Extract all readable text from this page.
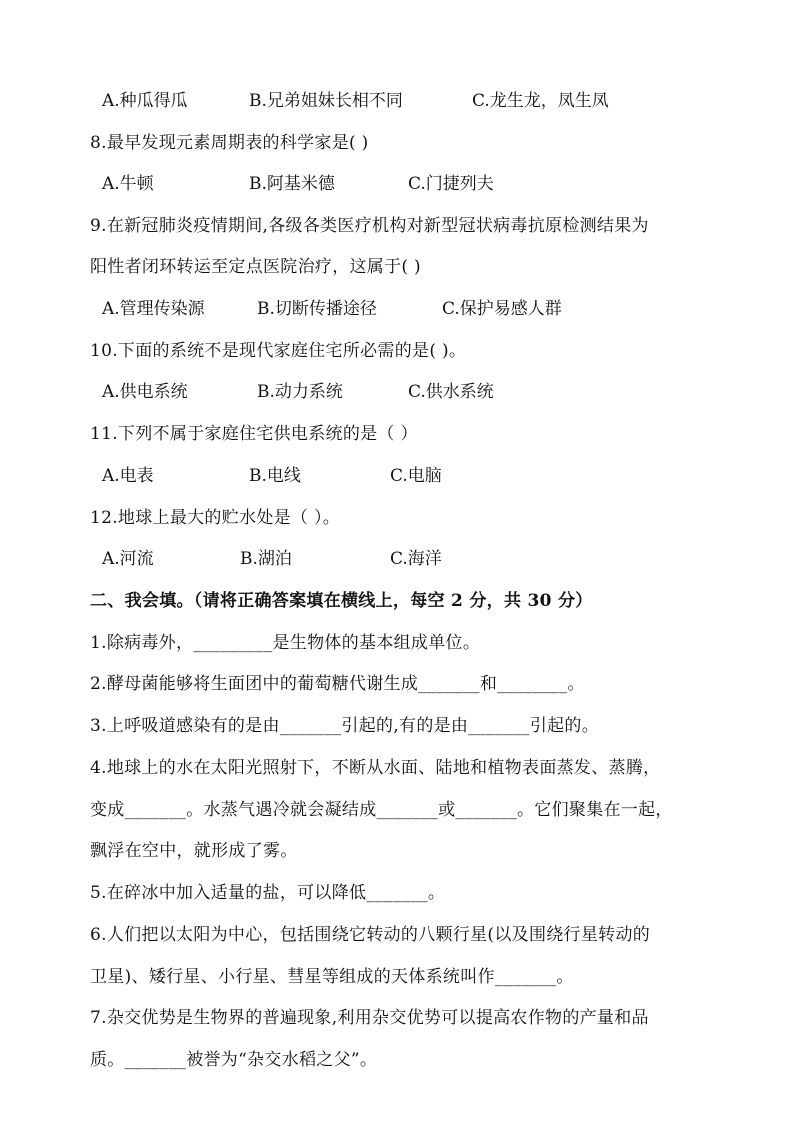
A.种瓜得瓜	B.兄弟姐妹长相不同	C.龙生龙，凤生凤
8.最早发现元素周期表的科学家是( )
A.牛顿	B.阿基米德	C.门捷列夫
9.在新冠肺炎疫情期间,各级各类医疗机构对新型冠状病毒抗原检测结果为
阳性者闭环转运至定点医院治疗，这属于( )
A.管理传染源	B.切断传播途径	C.保护易感人群
10.下面的系统不是现代家庭住宅所必需的是( )。
A.供电系统	B.动力系统	C.供水系统
11.下列不属于家庭住宅供电系统的是（ ）
A.电表	B.电线	C.电脑
12.地球上最大的贮水处是（ ）。
A.河流	B.湖泊	C.海洋
二、我会填。（请将正确答案填在横线上，每空 2 分，共 30 分）
1.除病毒外，_________是生物体的基本组成单位。
2.酵母菌能够将生面团中的葡萄糖代谢生成_______和________。
3.上呼吸道感染有的是由_______引起的,有的是由_______引起的。
4.地球上的水在太阳光照射下，不断从水面、陆地和植物表面蒸发、蒸腾，
变成_______。水蒸气遇冷就会凝结成_______或_______。它们聚集在一起，
飘浮在空中，就形成了雾。
5.在碎冰中加入适量的盐，可以降低_______。
6.人们把以太阳为中心，包括围绕它转动的八颗行星(以及围绕行星转动的
卫星)、矮行星、小行星、彗星等组成的天体系统叫作_______。
7.杂交优势是生物界的普遍现象,利用杂交优势可以提高农作物的产量和品
质。_______被誉为“杂交水稻之父”。
